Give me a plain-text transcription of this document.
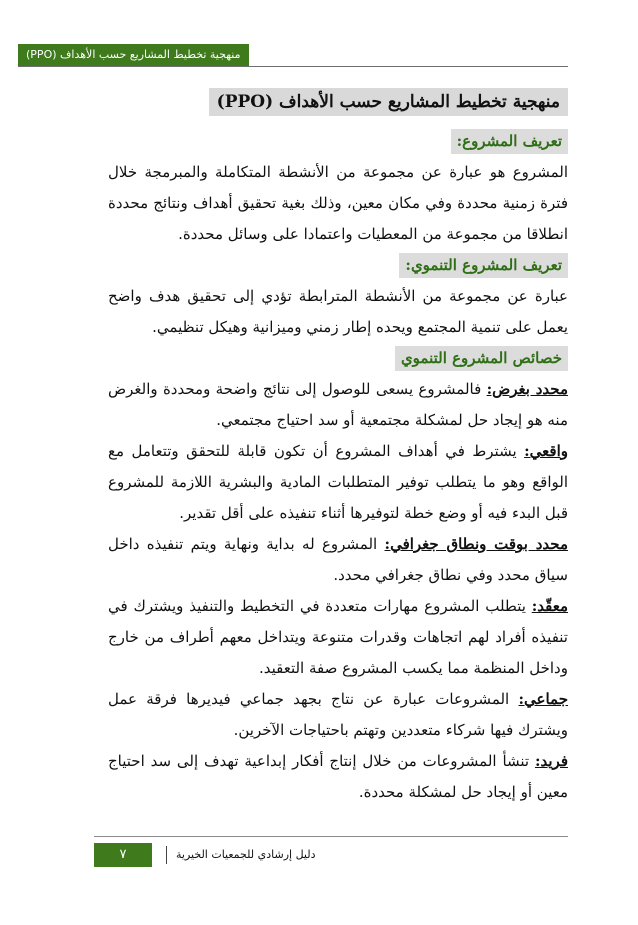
منهجية تخطيط المشاريع حسب الأهداف (PPO)
منهجية تخطيط المشاريع حسب الأهداف (PPO)
تعريف المشروع:

المشروع هو عبارة عن مجموعة من الأنشطة المتكاملة والمبرمجة خلال فترة زمنية محددة وفي مكان معين، وذلك بغية تحقيق أهداف ونتائج محددة انطلاقا من مجموعة من المعطيات واعتمادا على وسائل محددة.

تعريف المشروع التنموي:

عبارة عن مجموعة من الأنشطة المترابطة تؤدي إلى تحقيق هدف واضح يعمل على تنمية المجتمع ويحده إطار زمني وميزانية وهيكل تنظيمي.

خصائص المشروع التنموي

محدد بغرض: فالمشروع يسعى للوصول إلى نتائج واضحة ومحددة والغرض منه هو إيجاد حل لمشكلة مجتمعية أو سد احتياج مجتمعي.

واقعي: يشترط في أهداف المشروع أن تكون قابلة للتحقق وتتعامل مع الواقع وهو ما يتطلب توفير المتطلبات المادية والبشرية اللازمة للمشروع قبل البدء فيه أو وضع خطة لتوفيرها أثناء تنفيذه على أقل تقدير.

محدد بوقت ونطاق جغرافي: المشروع له بداية ونهاية ويتم تنفيذه داخل سياق محدد وفي نطاق جغرافي محدد.

معقّد: يتطلب المشروع مهارات متعددة في التخطيط والتنفيذ ويشترك في تنفيذه أفراد لهم اتجاهات وقدرات متنوعة ويتداخل معهم أطراف من خارج وداخل المنظمة مما يكسب المشروع صفة التعقيد.

جماعي: المشروعات عبارة عن نتاج بجهد جماعي فيديرها فرقة عمل ويشترك فيها شركاء متعددين وتهتم باحتياجات الآخرين.

فريد: تنشأ المشروعات من خلال إنتاج أفكار إبداعية تهدف إلى سد احتياج معين أو إيجاد حل لمشكلة محددة.

٧	دليل إرشادي للجمعيات الخيرية
